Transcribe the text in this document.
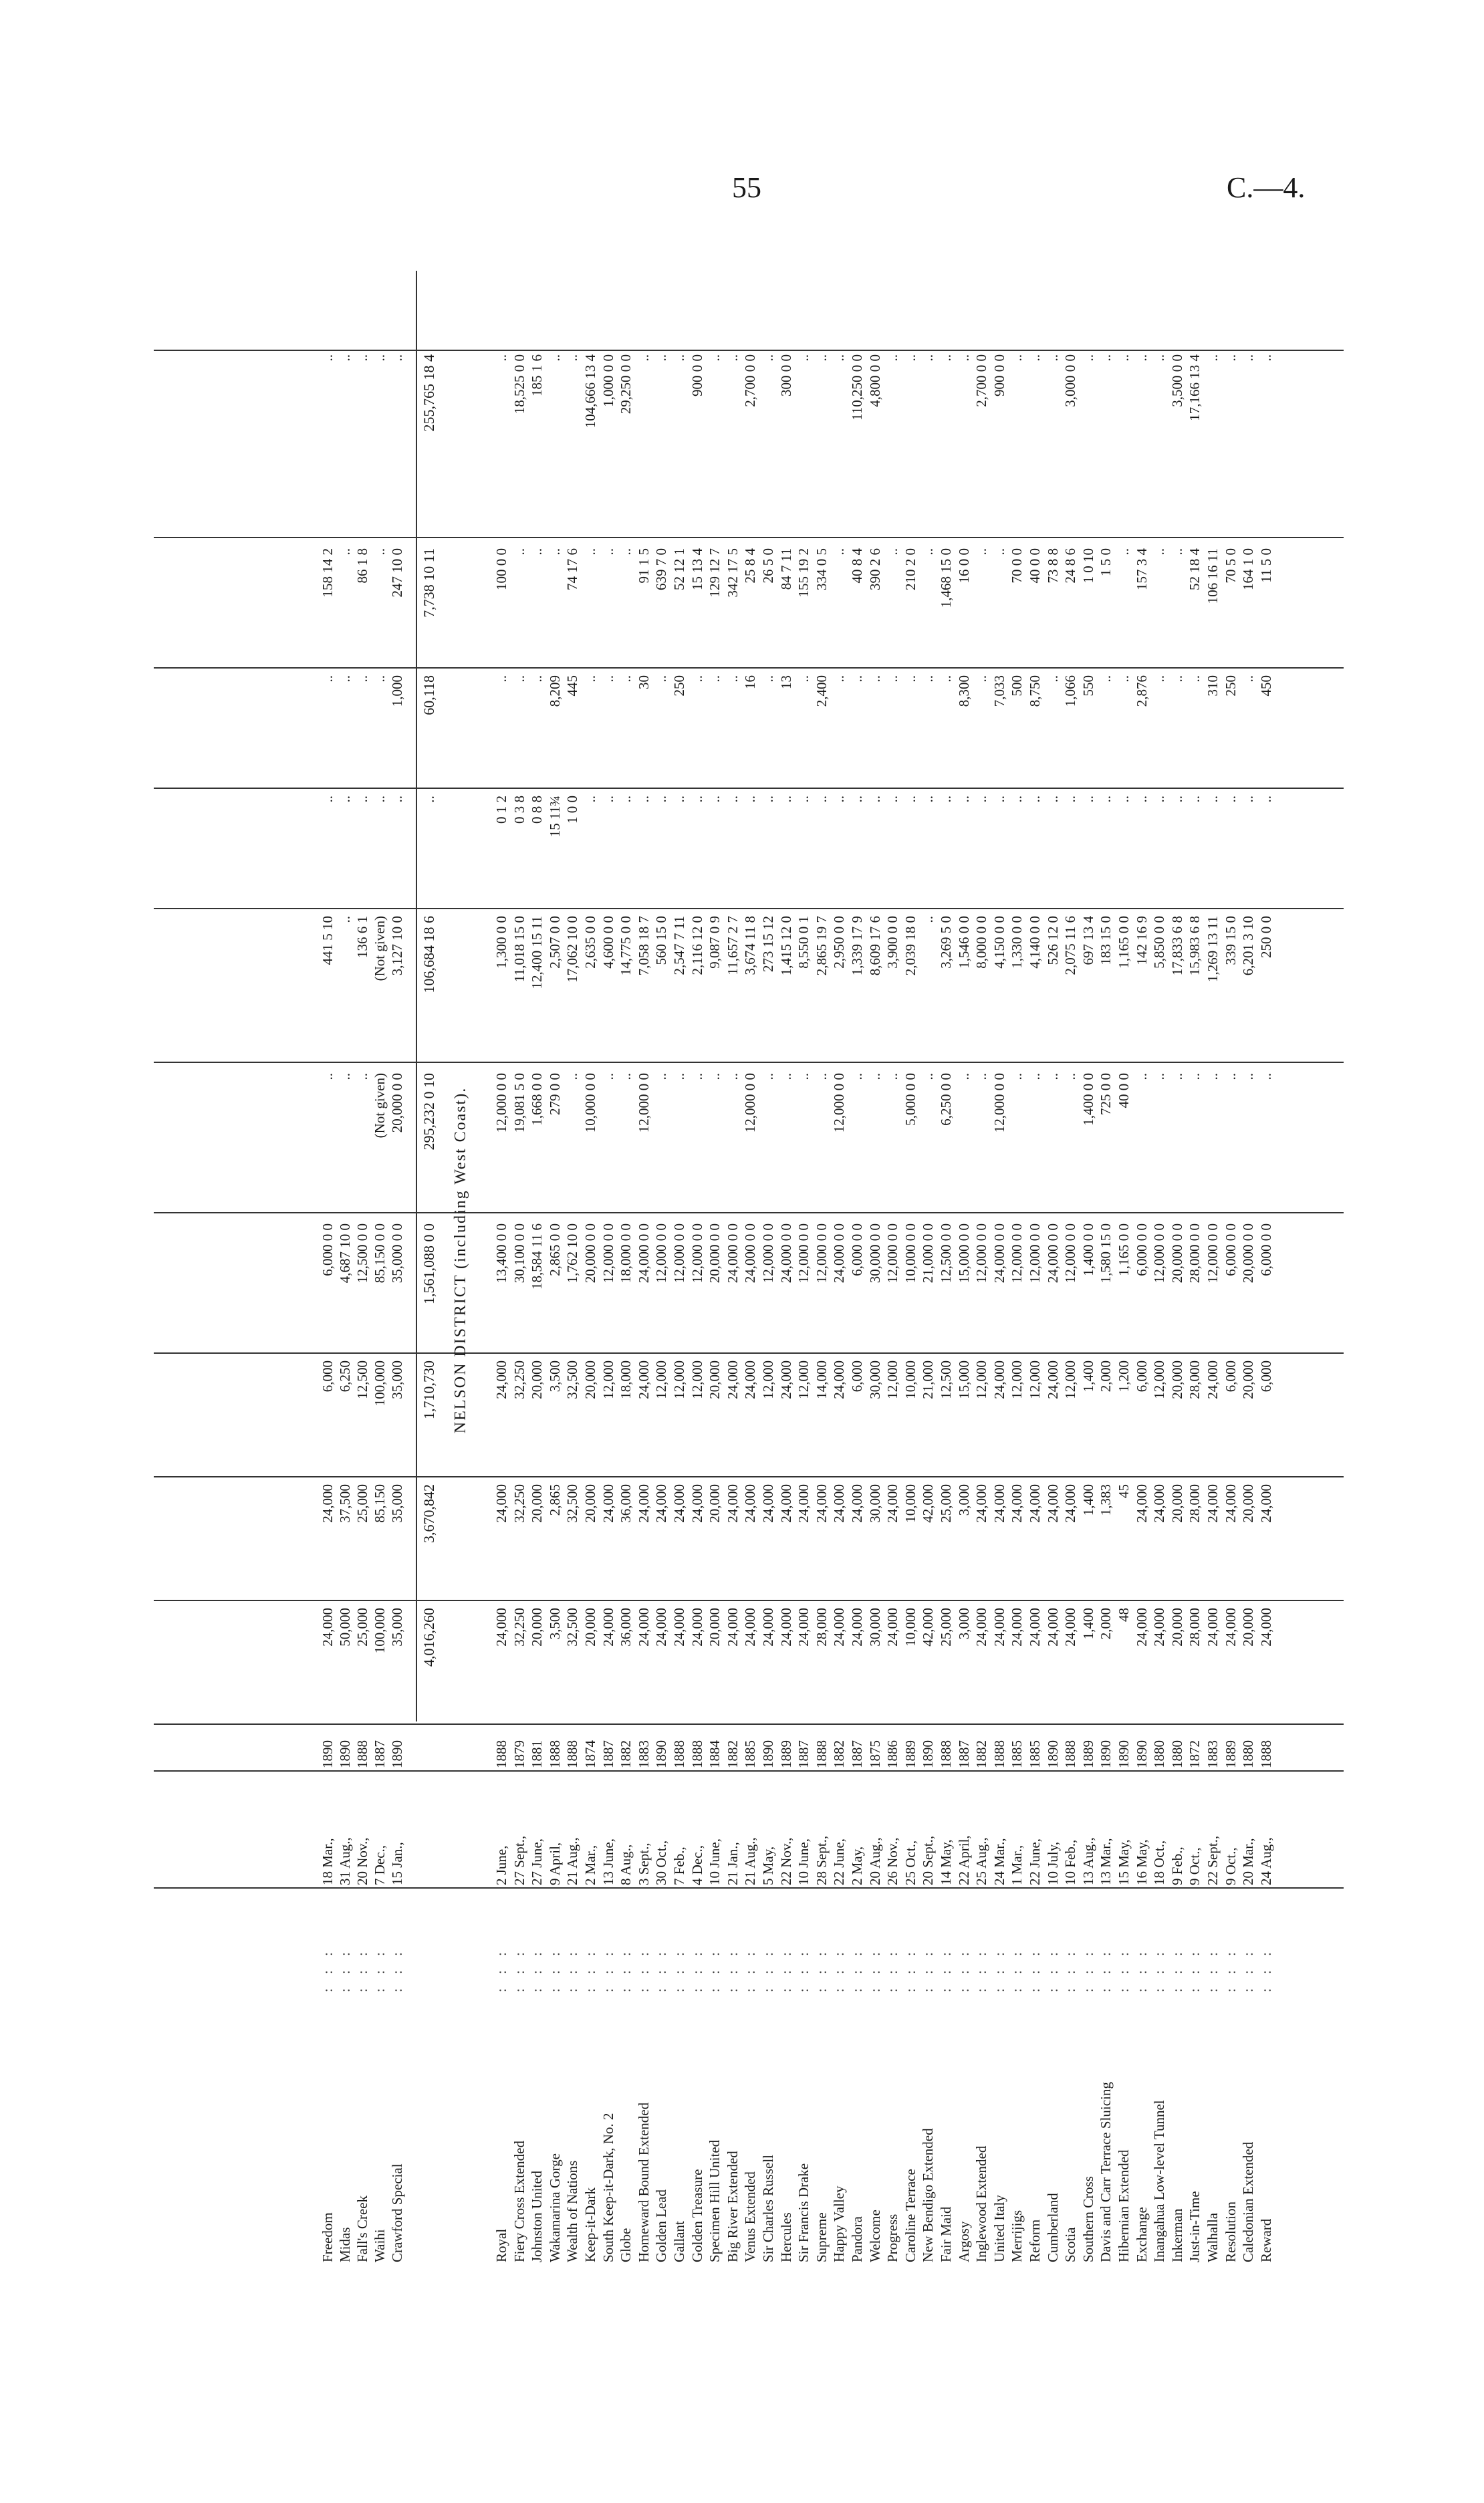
55	C.—4.
Freedom
: : :
18 Mar.,
1890
24,000
24,000
6,000
6,000 0 0
..
441 5 10
..
..
158 14 2
..
Midas
: : :
31 Aug.,
1890
50,000
37,500
6,250
4,687 10 0
..
..
..
..
..
..
Fall's Creek
: : :
20 Nov.,
1888
25,000
25,000
12,500
12,500 0 0
..
136 6 1
..
..
86 1 8
..
Waihi
: : :
7 Dec.,
1887
100,000
85,150
100,000
85,150 0 0
(Not given)
(Not given)
..
..
..
..
Crawford Special
: : :
15 Jan.,
1890
35,000
35,000
35,000
35,000 0 0
20,000 0 0
3,127 10 0
..
1,000
247 10 0
..
4,016,260
3,670,842
1,710,730
1,561,088 0 0
295,232 0 10
106,684 18 6
..
60,118
7,738 10 11
255,765 18 4
NELSON DISTRICT (including West Coast).
Royal
: : :
2 June,
1888
24,000
24,000
24,000
13,400 0 0
12,000 0 0
1,300 0 0
0 1 2
..
100 0 0
..
Fiery Cross Extended
: : :
27 Sept.,
1879
32,250
32,250
32,250
30,100 0 0
19,081 5 0
11,018 15 0
0 3 8
..
..
18,525 0 0
Johnston United
: : :
27 June,
1881
20,000
20,000
20,000
18,584 11 6
1,668 0 0
12,400 15 11
0 8 8
..
..
185 1 6
Wakamarina Gorge
: : :
9 April,
1888
3,500
2,865
3,500
2,865 0 0
279 0 0
2,507 0 0
15 11¾
8,209
..
..
Wealth of Nations
: : :
21 Aug.,
1888
32,500
32,500
32,500
1,762 10 0
..
17,062 10 0
1 0 0
445
74 17 6
..
Keep-it-Dark
: : :
2 Mar.,
1874
20,000
20,000
20,000
20,000 0 0
10,000 0 0
2,635 0 0
..
..
..
104,666 13 4
South Keep-it-Dark, No. 2
: : :
13 June,
1887
24,000
24,000
12,000
12,000 0 0
..
4,600 0 0
..
..
..
1,000 0 0
Globe
: : :
8 Aug.,
1882
36,000
36,000
18,000
18,000 0 0
..
14,775 0 0
..
..
..
29,250 0 0
Homeward Bound Extended
: : :
3 Sept.,
1883
24,000
24,000
24,000
24,000 0 0
12,000 0 0
7,058 18 7
..
30
91 1 5
..
Golden Lead
: : :
30 Oct.,
1890
24,000
24,000
12,000
12,000 0 0
..
560 15 0
..
..
639 7 0
..
Gallant
: : :
7 Feb.,
1888
24,000
24,000
12,000
12,000 0 0
..
2,547 7 11
..
250
52 12 1
..
Golden Treasure
: : :
4 Dec.,
1888
24,000
24,000
12,000
12,000 0 0
..
2,116 12 0
..
..
15 13 4
900 0 0
Specimen Hill United
: : :
10 June,
1884
20,000
20,000
20,000
20,000 0 0
..
9,087 0 9
..
..
129 12 7
..
Big River Extended
: : :
21 Jan.,
1882
24,000
24,000
24,000
24,000 0 0
..
11,657 2 7
..
..
342 17 5
..
Venus Extended
: : :
21 Aug.,
1885
24,000
24,000
24,000
24,000 0 0
12,000 0 0
3,674 11 8
..
16
25 8 4
2,700 0 0
Sir Charles Russell
: : :
5 May,
1890
24,000
24,000
12,000
12,000 0 0
..
273 15 12
..
..
26 5 0
..
Hercules
: : :
22 Nov.,
1889
24,000
24,000
24,000
24,000 0 0
..
1,415 12 0
..
13
84 7 11
300 0 0
Sir Francis Drake
: : :
10 June,
1887
24,000
24,000
12,000
12,000 0 0
..
8,550 0 1
..
..
155 19 2
..
Supreme
: : :
28 Sept.,
1888
28,000
24,000
14,000
12,000 0 0
..
2,865 19 7
..
2,400
334 0 5
..
Happy Valley
: : :
22 June,
1882
24,000
24,000
24,000
24,000 0 0
12,000 0 0
2,950 0 0
..
..
..
..
Pandora
: : :
2 May,
1887
24,000
24,000
6,000
6,000 0 0
..
1,339 17 9
..
..
40 8 4
110,250 0 0
Welcome
: : :
20 Aug.,
1875
30,000
30,000
30,000
30,000 0 0
..
8,609 17 6
..
..
390 2 6
4,800 0 0
Progress
: : :
26 Nov.,
1886
24,000
24,000
12,000
12,000 0 0
..
3,900 0 0
..
..
..
..
Caroline Terrace
: : :
25 Oct.,
1889
10,000
10,000
10,000
10,000 0 0
5,000 0 0
2,039 18 0
..
..
210 2 0
..
New Bendigo Extended
: : :
20 Sept.,
1890
42,000
42,000
21,000
21,000 0 0
..
..
..
..
..
..
Fair Maid
: : :
14 May,
1888
25,000
25,000
12,500
12,500 0 0
6,250 0 0
3,269 5 0
..
..
1,468 15 0
..
Argosy
: : :
22 April,
1887
3,000
3,000
15,000
15,000 0 0
..
1,546 0 0
..
8,300
16 0 0
..
Inglewood Extended
: : :
25 Aug.,
1882
24,000
24,000
12,000
12,000 0 0
..
8,000 0 0
..
..
..
2,700 0 0
United Italy
: : :
24 Mar.,
1888
24,000
24,000
24,000
24,000 0 0
12,000 0 0
4,150 0 0
..
7,033
..
900 0 0
Merrijigs
: : :
1 Mar.,
1885
24,000
24,000
12,000
12,000 0 0
..
1,330 0 0
..
500
70 0 0
..
Reform
: : :
22 June,
1885
24,000
24,000
12,000
12,000 0 0
..
4,140 0 0
..
8,750
40 0 0
..
Cumberland
: : :
10 July,
1890
24,000
24,000
24,000
24,000 0 0
..
526 12 0
..
..
73 8 8
..
Scotia
: : :
10 Feb.,
1888
24,000
24,000
12,000
12,000 0 0
..
2,075 11 6
..
1,066
24 8 6
3,000 0 0
Southern Cross
: : :
13 Aug.,
1889
1,400
1,400
1,400
1,400 0 0
1,400 0 0
697 13 4
..
550
1 0 10
..
Davis and Carr Terrace Sluicing
: : :
13 Mar.,
1890
2,000
1,383
2,000
1,580 15 0
725 0 0
183 15 0
..
..
1 5 0
..
Hibernian Extended
: : :
15 May,
1890
48
45
1,200
1,165 0 0
40 0 0
1,165 0 0
..
..
..
..
Exchange
: : :
16 May,
1890
24,000
24,000
6,000
6,000 0 0
..
142 16 9
..
2,876
157 3 4
..
Inangahua Low-level Tunnel
: : :
18 Oct.,
1880
24,000
24,000
12,000
12,000 0 0
..
5,850 0 0
..
..
..
..
Inkerman
: : :
9 Feb.,
1880
20,000
20,000
20,000
20,000 0 0
..
17,833 6 8
..
..
..
3,500 0 0
Just-in-Time
: : :
9 Oct.,
1872
28,000
28,000
28,000
28,000 0 0
..
15,983 6 8
..
..
52 18 4
17,166 13 4
Walhalla
: : :
22 Sept.,
1883
24,000
24,000
24,000
12,000 0 0
..
1,269 13 11
..
310
106 16 11
..
Resolution
: : :
9 Oct.,
1889
24,000
24,000
6,000
6,000 0 0
..
339 15 0
..
250
70 5 0
..
Caledonian Extended
: : :
20 Mar.,
1880
20,000
20,000
20,000
20,000 0 0
..
6,201 3 10
..
..
164 1 0
..
Reward
: : :
24 Aug.,
1888
24,000
24,000
6,000
6,000 0 0
..
250 0 0
..
450
11 5 0
..
